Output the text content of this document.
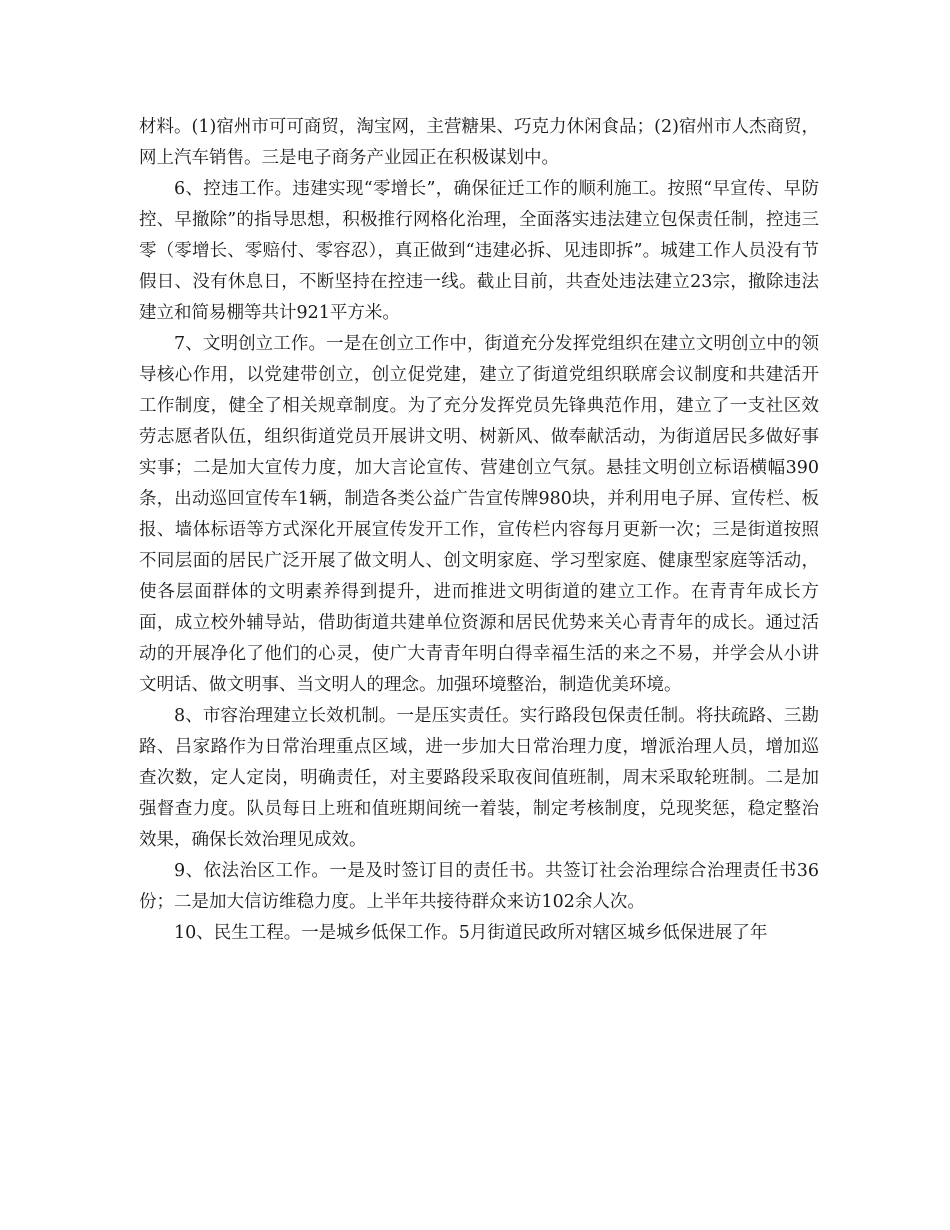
材料。(1)宿州市可可商贸，淘宝网，主营糖果、巧克力休闲食品；(2)宿州市人杰商贸，网上汽车销售。三是电子商务产业园正在积极谋划中。

6、控违工作。违建实现“零增长”，确保征迁工作的顺利施工。按照“早宣传、早防控、早撤除”的指导思想，积极推行网格化治理，全面落实违法建立包保责任制，控违三零（零增长、零赔付、零容忍），真正做到“违建必拆、见违即拆”。城建工作人员没有节假日、没有休息日，不断坚持在控违一线。截止目前，共查处违法建立23宗，撤除违法建立和简易棚等共计921平方米。

7、文明创立工作。一是在创立工作中，街道充分发挥党组织在建立文明创立中的领导核心作用，以党建带创立，创立促党建，建立了街道党组织联席会议制度和共建活开工作制度，健全了相关规章制度。为了充分发挥党员先锋典范作用，建立了一支社区效劳志愿者队伍，组织街道党员开展讲文明、树新风、做奉献活动，为街道居民多做好事实事；二是加大宣传力度，加大言论宣传、营建创立气氛。悬挂文明创立标语横幅390条，出动巡回宣传车1辆，制造各类公益广告宣传牌980块，并利用电子屏、宣传栏、板报、墙体标语等方式深化开展宣传发开工作，宣传栏内容每月更新一次；三是街道按照不同层面的居民广泛开展了做文明人、创文明家庭、学习型家庭、健康型家庭等活动，使各层面群体的文明素养得到提升，进而推进文明街道的建立工作。在青青年成长方面，成立校外辅导站，借助街道共建单位资源和居民优势来关心青青年的成长。通过活动的开展净化了他们的心灵，使广大青青年明白得幸福生活的来之不易，并学会从小讲文明话、做文明事、当文明人的理念。加强环境整治，制造优美环境。

8、市容治理建立长效机制。一是压实责任。实行路段包保责任制。将扶疏路、三勘路、吕家路作为日常治理重点区域，进一步加大日常治理力度，增派治理人员，增加巡查次数，定人定岗，明确责任，对主要路段采取夜间值班制，周末采取轮班制。二是加强督查力度。队员每日上班和值班期间统一着装，制定考核制度，兑现奖惩，稳定整治效果，确保长效治理见成效。

9、依法治区工作。一是及时签订目的责任书。共签订社会治理综合治理责任书36份；二是加大信访维稳力度。上半年共接待群众来访102余人次。

10、民生工程。一是城乡低保工作。5月街道民政所对辖区城乡低保进展了年
